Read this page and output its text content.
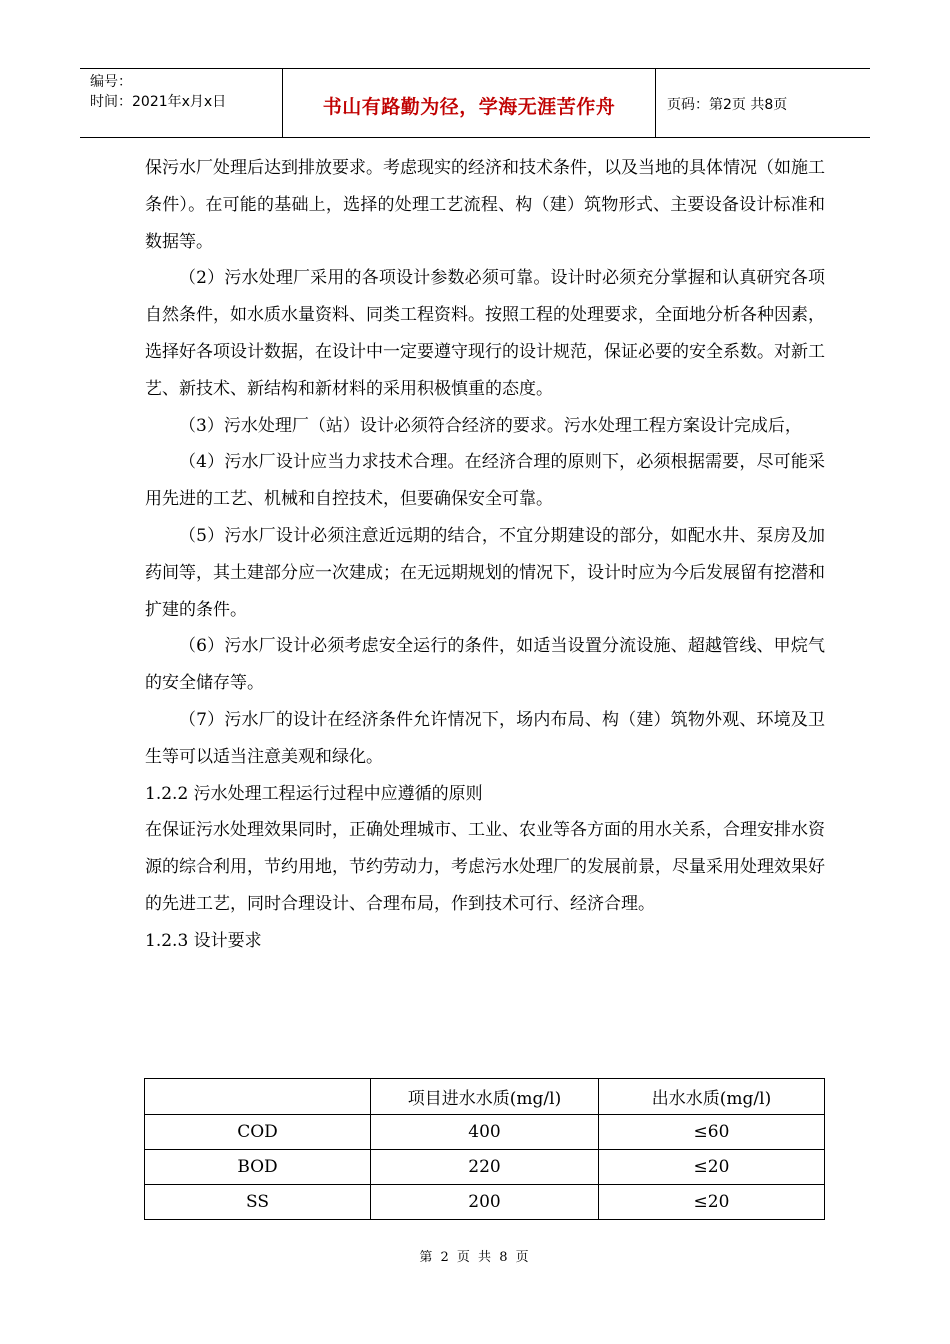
编号：
时间：2021年x月x日	书山有路勤为径，学海无涯苦作舟	页码：第2页 共8页

保污水厂处理后达到排放要求。考虑现实的经济和技术条件，以及当地的具体情况（如施工条件）。在可能的基础上，选择的处理工艺流程、构（建）筑物形式、主要设备设计标准和数据等。

（2）污水处理厂采用的各项设计参数必须可靠。设计时必须充分掌握和认真研究各项自然条件，如水质水量资料、同类工程资料。按照工程的处理要求，全面地分析各种因素，选择好各项设计数据，在设计中一定要遵守现行的设计规范，保证必要的安全系数。对新工艺、新技术、新结构和新材料的采用积极慎重的态度。

（3）污水处理厂（站）设计必须符合经济的要求。污水处理工程方案设计完成后，

（4）污水厂设计应当力求技术合理。在经济合理的原则下，必须根据需要，尽可能采用先进的工艺、机械和自控技术，但要确保安全可靠。

（5）污水厂设计必须注意近远期的结合，不宜分期建设的部分，如配水井、泵房及加药间等，其土建部分应一次建成；在无远期规划的情况下，设计时应为今后发展留有挖潜和扩建的条件。

（6）污水厂设计必须考虑安全运行的条件，如适当设置分流设施、超越管线、甲烷气的安全储存等。

（7）污水厂的设计在经济条件允许情况下，场内布局、构（建）筑物外观、环境及卫生等可以适当注意美观和绿化。

1.2.2 污水处理工程运行过程中应遵循的原则

在保证污水处理效果同时，正确处理城市、工业、农业等各方面的用水关系，合理安排水资源的综合利用，节约用地，节约劳动力，考虑污水处理厂的发展前景，尽量采用处理效果好的先进工艺，同时合理设计、合理布局，作到技术可行、经济合理。

1.2.3 设计要求

	项目进水水质(mg/l)	出水水质(mg/l)
COD	400	≤60
BOD	220	≤20
SS	200	≤20
第 2 页 共 8 页
